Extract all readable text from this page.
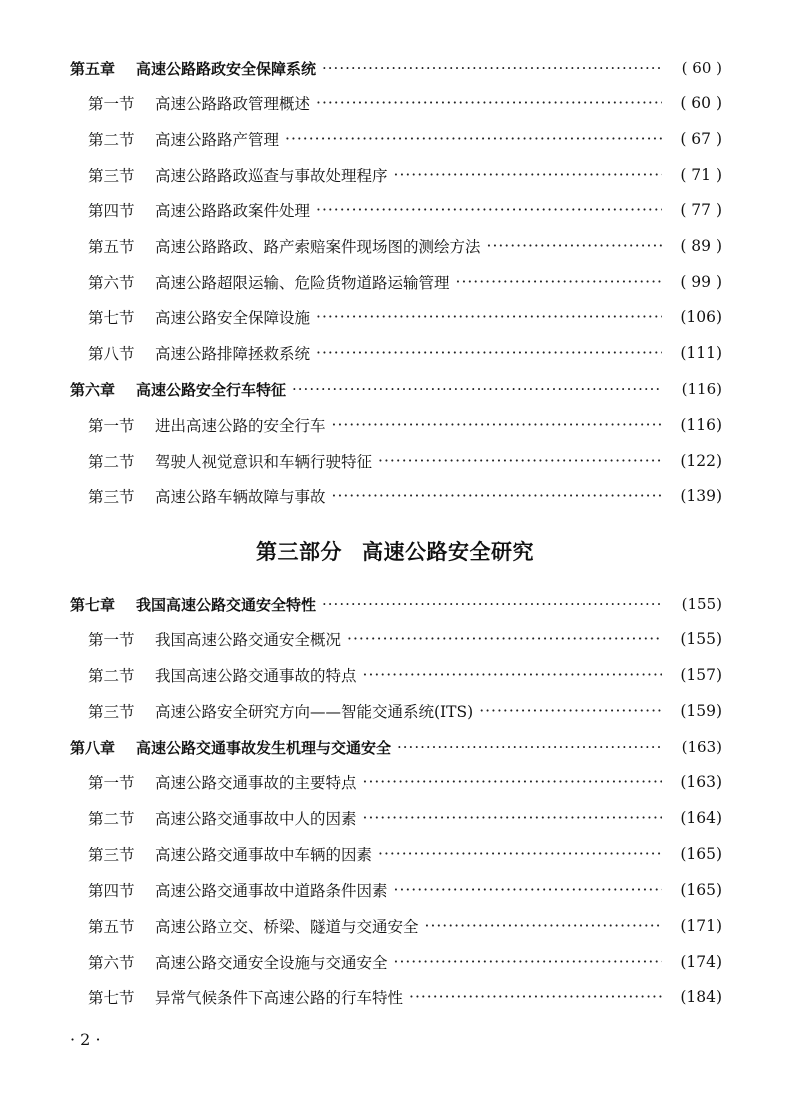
第三部分 高速公路安全研究
· 2 ·
第五章	高速公路路政安全保障系统 ·····	( 60 )
第一节	高速公路路政管理概述 ·····	( 60 )
第二节	高速公路路产管理 ·····	( 67 )
第三节	高速公路路政巡查与事故处理程序 ·····	( 71 )
第四节	高速公路路政案件处理 ·····	( 77 )
第五节	高速公路路政、路产索赔案件现场图的测绘方法 ·····	( 89 )
第六节	高速公路超限运输、危险货物道路运输管理 ·····	( 99 )
第七节	高速公路安全保障设施 ·····	(106)
第八节	高速公路排障拯救系统 ·····	(111)
第六章	高速公路安全行车特征 ·····	(116)
第一节	进出高速公路的安全行车 ·····	(116)
第二节	驾驶人视觉意识和车辆行驶特征 ·····	(122)
第三节	高速公路车辆故障与事故 ·····	(139)
第七章	我国高速公路交通安全特性 ·····	(155)
第一节	我国高速公路交通安全概况 ·····	(155)
第二节	我国高速公路交通事故的特点 ·····	(157)
第三节	高速公路安全研究方向——智能交通系统(ITS) ·····	(159)
第八章	高速公路交通事故发生机理与交通安全 ·····	(163)
第一节	高速公路交通事故的主要特点 ·····	(163)
第二节	高速公路交通事故中人的因素 ·····	(164)
第三节	高速公路交通事故中车辆的因素 ·····	(165)
第四节	高速公路交通事故中道路条件因素 ·····	(165)
第五节	高速公路立交、桥梁、隧道与交通安全 ·····	(171)
第六节	高速公路交通安全设施与交通安全 ·····	(174)
第七节	异常气候条件下高速公路的行车特性 ·····	(184)
